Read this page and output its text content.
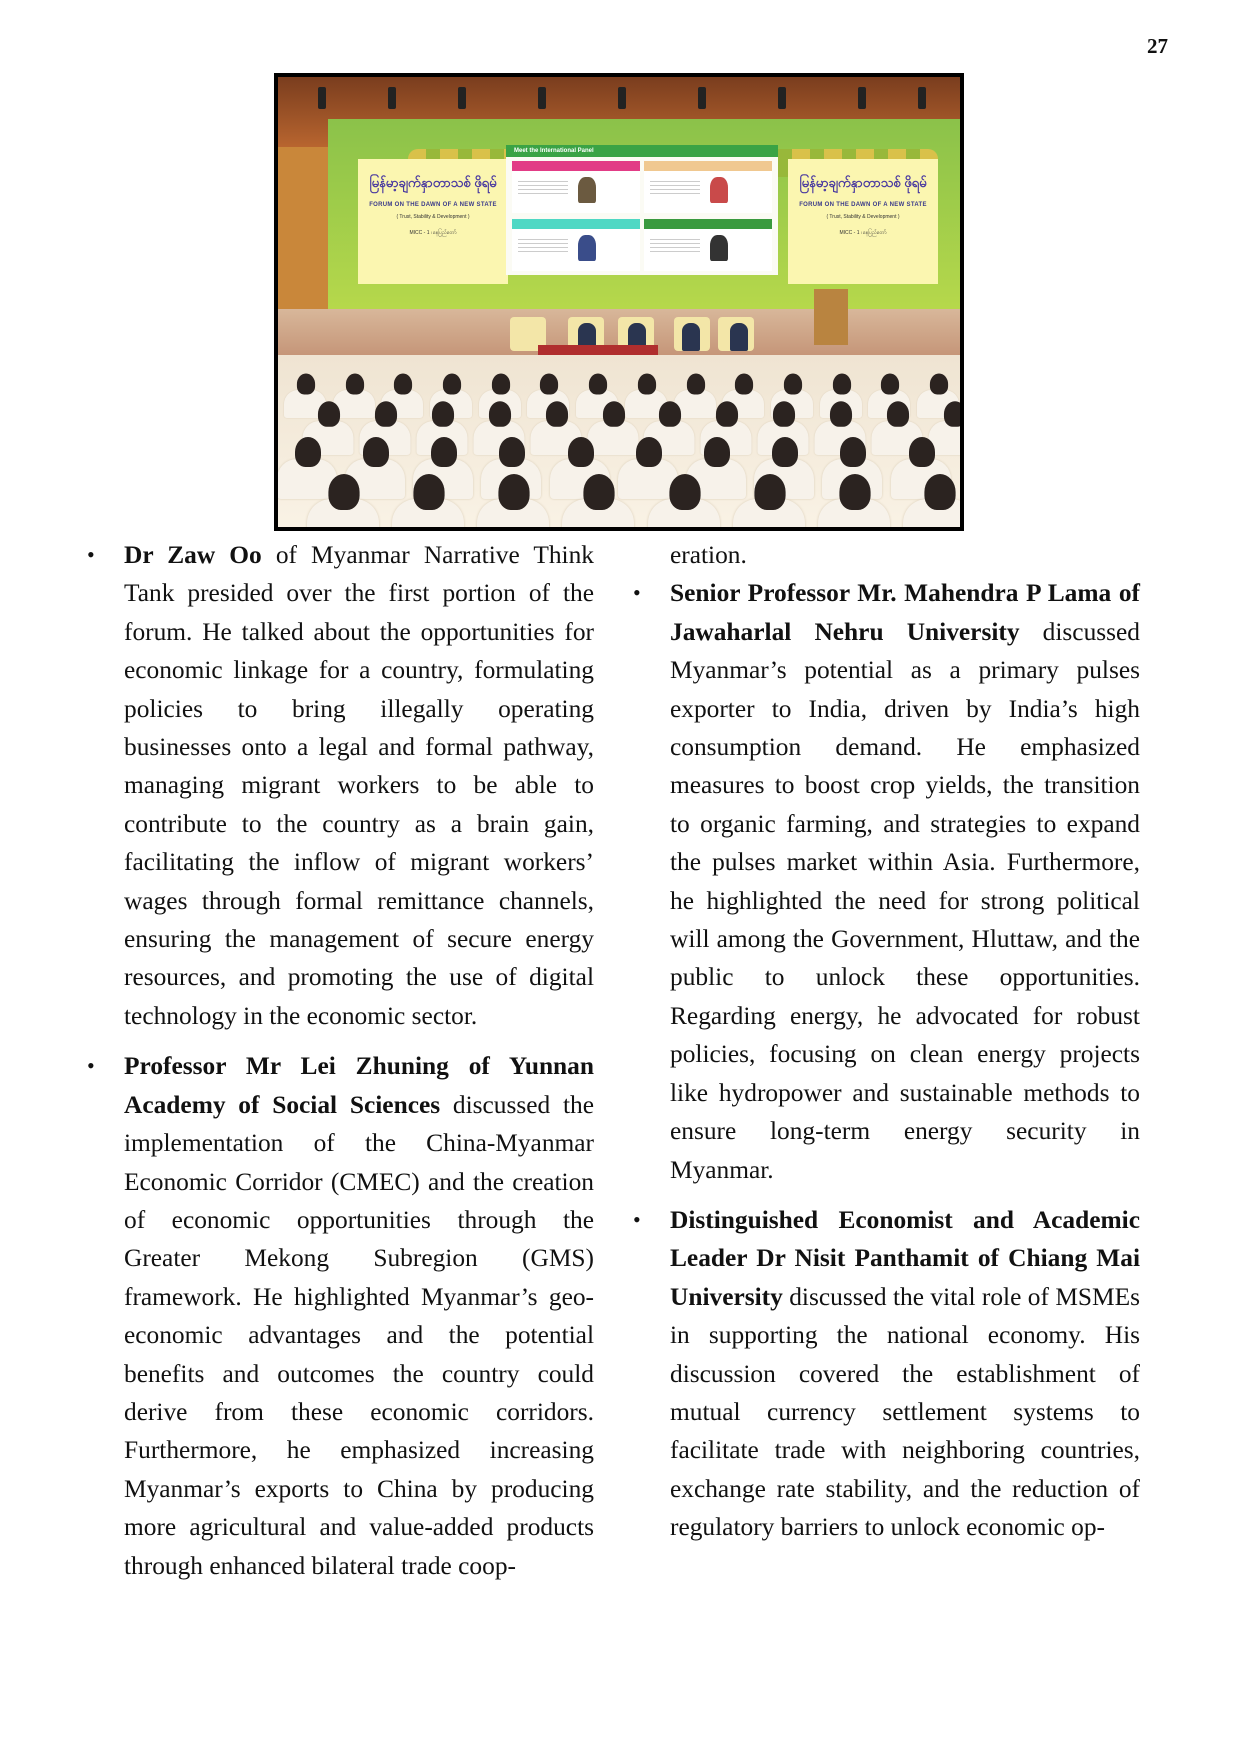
27
မြန်မာ့ချက်နှာတာသစ် ဖိုရမ်
FORUM ON THE DAWN OF A NEW STATE
( Trust, Stability & Development )
MICC - 1 ၊ နေပြည်တော်
Meet the International Panel
မြန်မာ့ချက်နှာတာသစ် ဖိုရမ်
FORUM ON THE DAWN OF A NEW STATE
( Trust, Stability & Development )
MICC - 1 ၊ နေပြည်တော်
• Dr Zaw Oo of Myanmar Narrative Think Tank presided over the first portion of the forum. He talked about the opportunities for economic linkage for a country, formulating policies to bring illegally operating businesses onto a legal and formal pathway, managing migrant workers to be able to contribute to the country as a brain gain, facilitating the inflow of migrant workers’ wages through formal remittance channels, ensuring the management of secure energy resources, and promoting the use of digital technology in the economic sector.

• Professor Mr Lei Zhuning of Yunnan Academy of Social Sciences discussed the implementation of the China-Myanmar Economic Corridor (CMEC) and the creation of economic opportunities through the Greater Mekong Subregion (GMS) framework. He highlighted Myanmar’s geo-economic advantages and the potential benefits and outcomes the country could derive from these economic corridors. Furthermore, he emphasized increasing Myanmar’s exports to China by producing more agricultural and value-added products through enhanced bilateral trade coop-

eration.

• Senior Professor Mr. Mahendra P Lama of Jawaharlal Nehru University discussed Myanmar’s potential as a primary pulses exporter to India, driven by India’s high consumption demand. He emphasized measures to boost crop yields, the transition to organic farming, and strategies to expand the pulses market within Asia. Furthermore, he highlighted the need for strong political will among the Government, Hluttaw, and the public to unlock these opportunities. Regarding energy, he advocated for robust policies, focusing on clean energy projects like hydropower and sustainable methods to ensure long-term energy security in Myanmar.

• Distinguished Economist and Academic Leader Dr Nisit Panthamit of Chiang Mai University discussed the vital role of MSMEs in supporting the national economy. His discussion covered the establishment of mutual currency settlement systems to facilitate trade with neighboring countries, exchange rate stability, and the reduction of regulatory barriers to unlock economic op-
